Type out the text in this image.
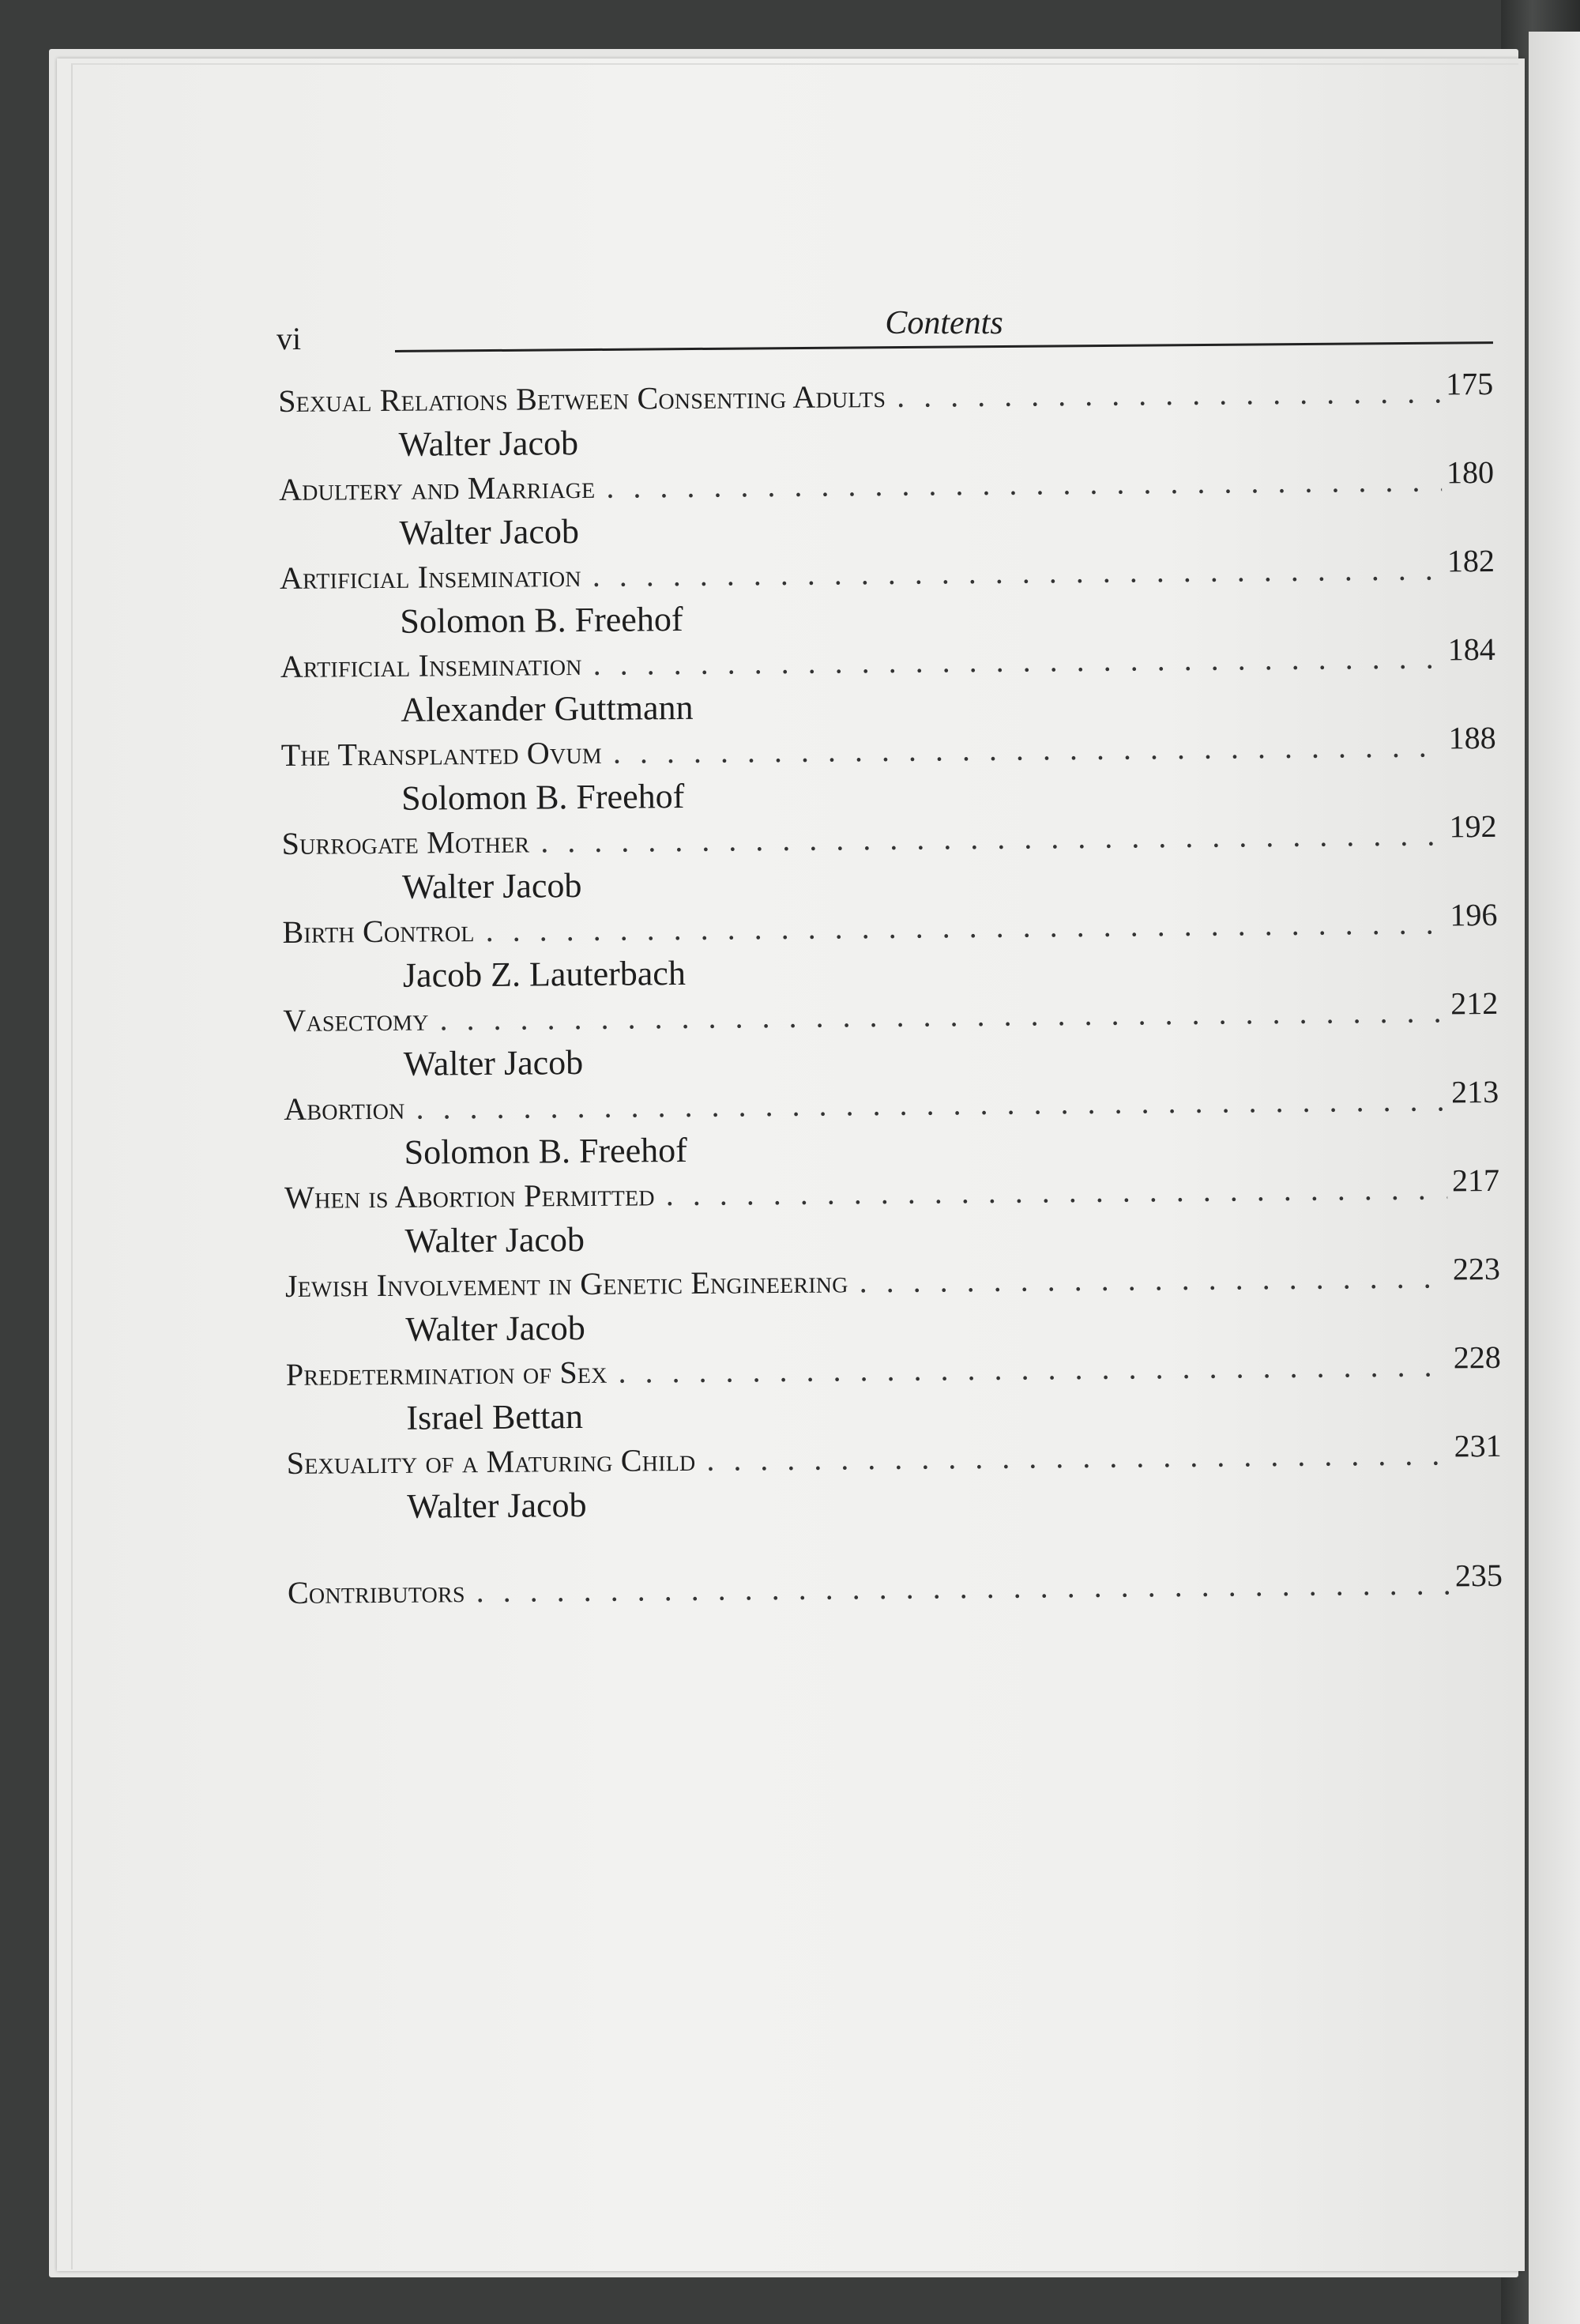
vi	Contents
Sexual Relations Between Consenting Adults . . .	175
Walter Jacob
Adultery and Marriage . . .	180
Walter Jacob
Artificial Insemination . . .	182
Solomon B. Freehof
Artificial Insemination . . .	184
Alexander Guttmann
The Transplanted Ovum . . .	188
Solomon B. Freehof
Surrogate Mother . . .	192
Walter Jacob
Birth Control . . .	196
Jacob Z. Lauterbach
Vasectomy . . .	212
Walter Jacob
Abortion . . .	213
Solomon B. Freehof
When is Abortion Permitted . . .	217
Walter Jacob
Jewish Involvement in Genetic Engineering . . .	223
Walter Jacob
Predetermination of Sex . . .	228
Israel Bettan
Sexuality of a Maturing Child . . .	231
Walter Jacob
Contributors . . .	235
